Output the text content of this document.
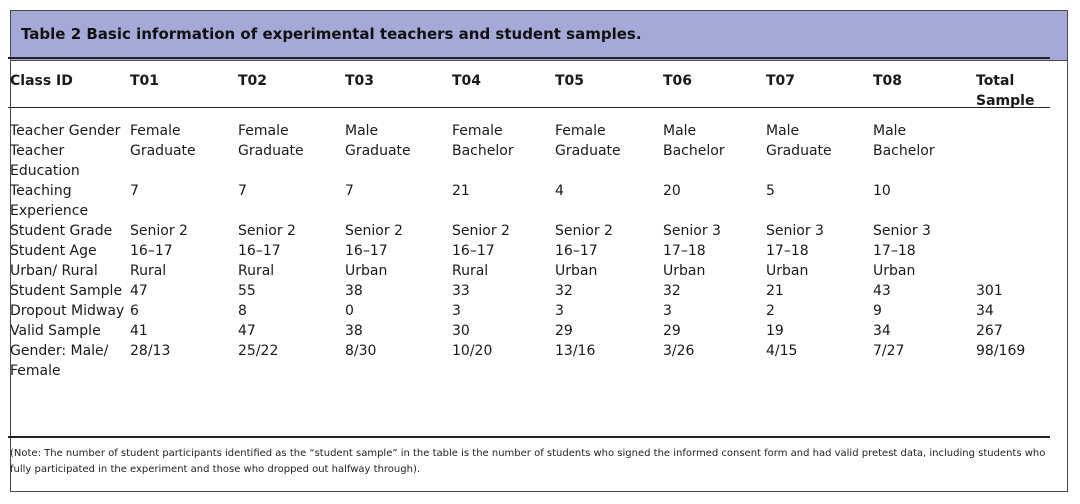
Table 2 Basic information of experimental teachers and student samples.
Class ID	T01	T02	T03	T04	T05	T06	T07	T08	Total Sample
Teacher Gender	Female	Female	Male	Female	Female	Male	Male	Male	
Teacher Education	Graduate	Graduate	Graduate	Bachelor	Graduate	Bachelor	Graduate	Bachelor	
Teaching Experience	7	7	7	21	4	20	5	10	
Student Grade	Senior 2	Senior 2	Senior 2	Senior 2	Senior 2	Senior 3	Senior 3	Senior 3	
Student Age	16–17	16–17	16–17	16–17	16–17	17–18	17–18	17–18	
Urban/ Rural	Rural	Rural	Urban	Rural	Urban	Urban	Urban	Urban	
Student Sample	47	55	38	33	32	32	21	43	301
Dropout Midway	6	8	0	3	3	3	2	9	34
Valid Sample	41	47	38	30	29	29	19	34	267
Gender: Male/ Female	28/13	25/22	8/30	10/20	13/16	3/26	4/15	7/27	98/169
(Note: The number of student participants identified as the “student sample” in the table is the number of students who signed the informed consent form and had valid pretest data, including students who fully participated in the experiment and those who dropped out halfway through).
